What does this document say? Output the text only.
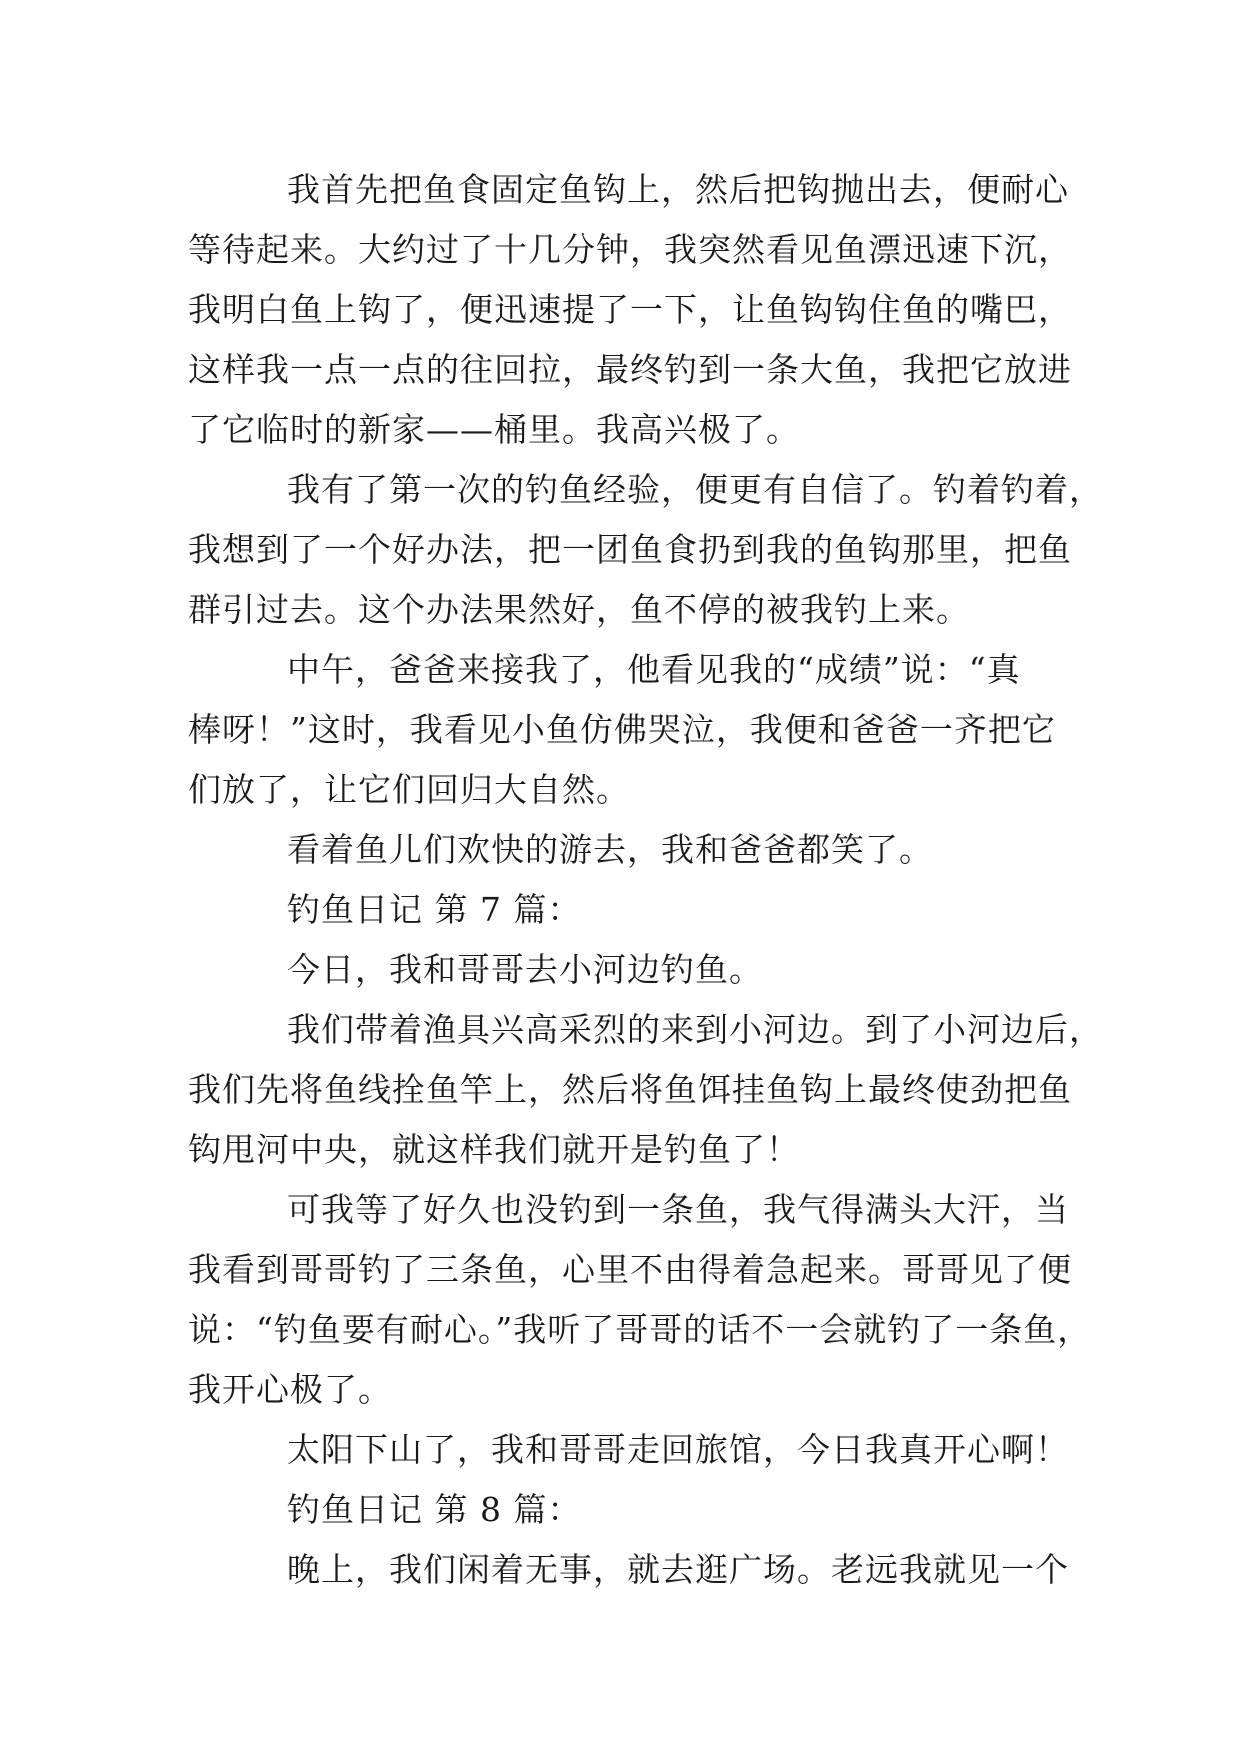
我首先把鱼食固定鱼钩上，然后把钩抛出去，便耐心
等待起来。大约过了十几分钟，我突然看见鱼漂迅速下沉，
我明白鱼上钩了，便迅速提了一下，让鱼钩钩住鱼的嘴巴，
这样我一点一点的往回拉，最终钓到一条大鱼，我把它放进
了它临时的新家——桶里。我高兴极了。
我有了第一次的钓鱼经验，便更有自信了。钓着钓着，
我想到了一个好办法，把一团鱼食扔到我的鱼钩那里，把鱼
群引过去。这个办法果然好，鱼不停的被我钓上来。
中午，爸爸来接我了，他看见我的“成绩”说：“真
棒呀！”这时，我看见小鱼仿佛哭泣，我便和爸爸一齐把它
们放了，让它们回归大自然。
看着鱼儿们欢快的游去，我和爸爸都笑了。
钓鱼日记 第 7 篇：
今日，我和哥哥去小河边钓鱼。
我们带着渔具兴高采烈的来到小河边。到了小河边后，
我们先将鱼线拴鱼竿上，然后将鱼饵挂鱼钩上最终使劲把鱼
钩甩河中央，就这样我们就开是钓鱼了！
可我等了好久也没钓到一条鱼，我气得满头大汗，当
我看到哥哥钓了三条鱼，心里不由得着急起来。哥哥见了便
说：“钓鱼要有耐心。”我听了哥哥的话不一会就钓了一条鱼，
我开心极了。
太阳下山了，我和哥哥走回旅馆，今日我真开心啊！
钓鱼日记 第 8 篇：
晚上，我们闲着无事，就去逛广场。老远我就见一个
